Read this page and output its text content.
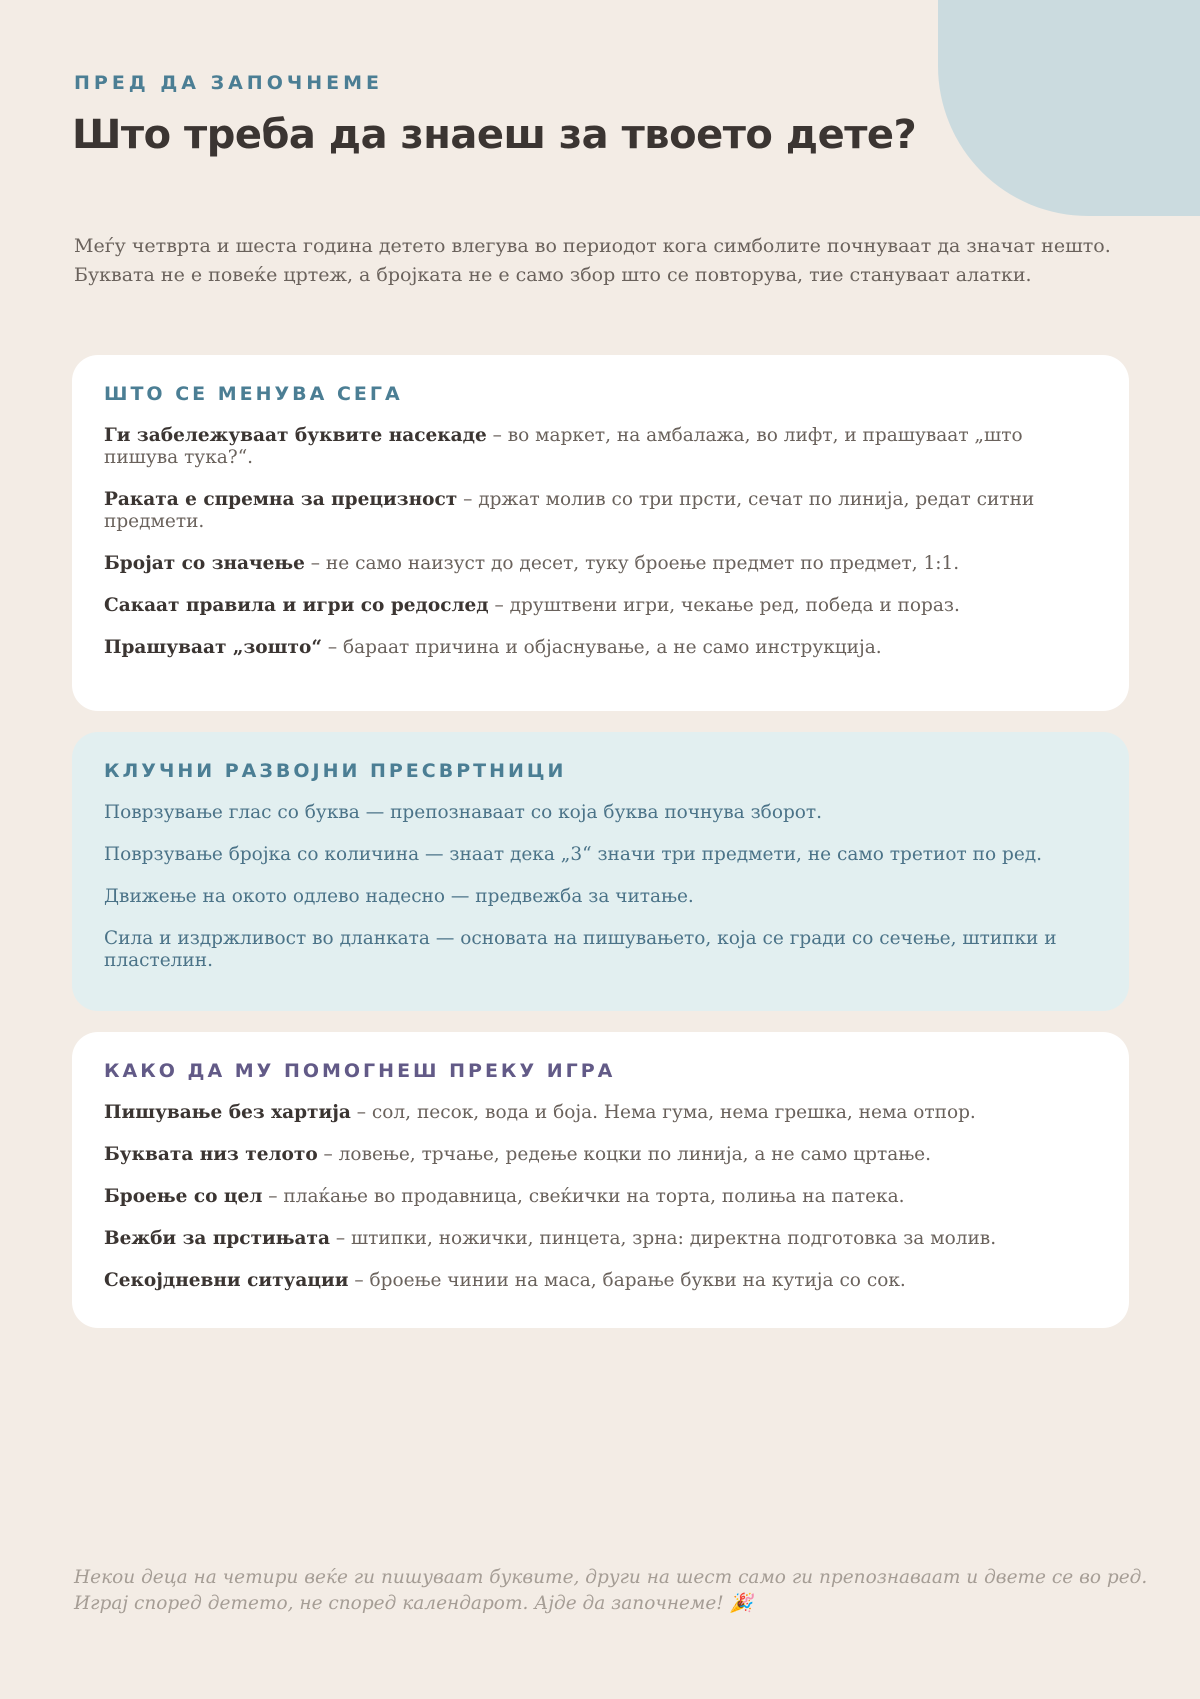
ПРЕД ДА ЗАПОЧНЕМЕ

Што треба да знаеш за твоето дете?

Меѓу четврта и шеста година детето влегува во периодот кога симболите почнуваат да значат нешто.
Буквата не е повеќе цртеж, а бројката не е само збор што се повторува, тие стануваат алатки.

ШТО СЕ МЕНУВА СЕГА
Ги забележуваат буквите насекаде – во маркет, на амбалажа, во лифт, и прашуваат „што пишува тука?“.
Раката е спремна за прецизност – држат молив со три прсти, сечат по линија, редат ситни предмети.
Бројат со значење – не само наизуст до десет, туку броење предмет по предмет, 1:1.
Сакаат правила и игри со редослед – друштвени игри, чекање ред, победа и пораз.
Прашуваат „зошто“ – бараат причина и објаснување, а не само инструкција.
КЛУЧНИ РАЗВОЈНИ ПРЕСВРТНИЦИ
Поврзување глас со буква — препознаваат со која буква почнува зборот.
Поврзување бројка со количина — знаат дека „3“ значи три предмети, не само третиот по ред.
Движење на окото одлево надесно — предвежба за читање.
Сила и издржливост во дланката — основата на пишувањето, која се гради со сечење, штипки и пластелин.
КАКО ДА МУ ПОМОГНЕШ ПРЕКУ ИГРА
Пишување без хартија – сол, песок, вода и боја. Нема гума, нема грешка, нема отпор.
Буквата низ телото – ловење, трчање, редење коцки по линија, а не само цртање.
Броење со цел – плаќање во продавница, свеќички на торта, полиња на патека.
Вежби за прстињата – штипки, ножички, пинцета, зрна: директна подготовка за молив.
Секојдневни ситуации – броење чинии на маса, барање букви на кутија со сок.

Некои деца на четири веќе ги пишуваат буквите, други на шест само ги препознаваат и двете се во ред.
Играј според детето, не според календарот. Ајде да започнеме! 🎉
